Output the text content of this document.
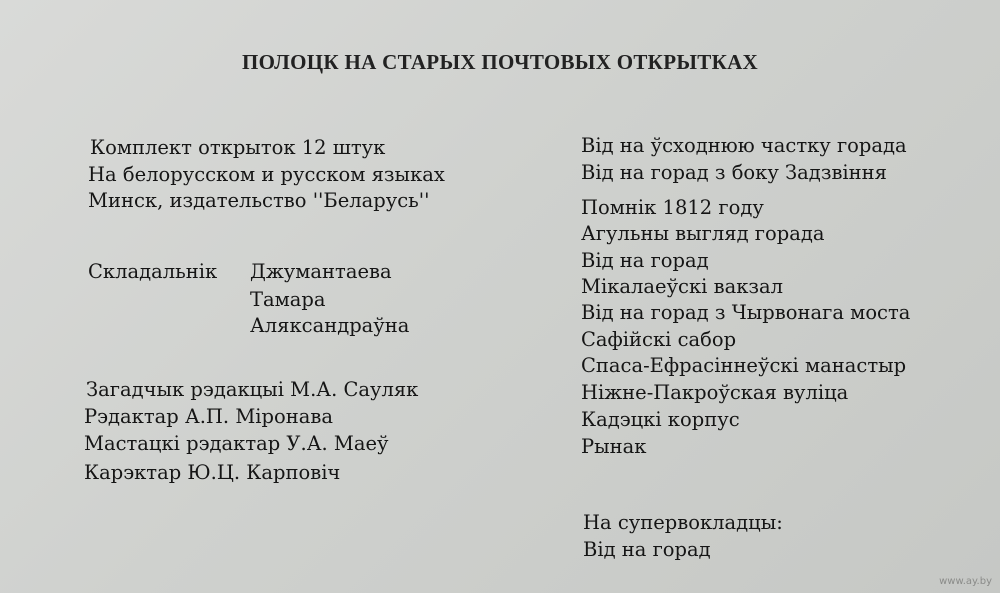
ПОЛОЦК НА СТАРЫХ ПОЧТОВЫХ ОТКРЫТКАХ
Комплект открыток 12 штук
На белорусском и русском языках
Минск, издательство ''Беларусь''
Складальнік Джумантаева
Тамара
Аляксандраўна
Загадчык рэдакцыі М.А. Сауляк
Рэдактар А.П. Міронава
Мастацкі рэдактар У.А. Маеў
Карэктар Ю.Ц. Карповіч
Від на ўсходнюю частку горада
Від на горад з боку Задзвіння
Помнік 1812 году
Агульны выгляд горада
Від на горад
Мікалаеўскі вакзал
Від на горад з Чырвонага моста
Сафійскі сабор
Спаса-Ефрасіннеўскі манастыр
Ніжне-Пакроўская вуліца
Кадэцкі корпус
Рынак
На супервокладцы:
Від на горад
www.ay.by
